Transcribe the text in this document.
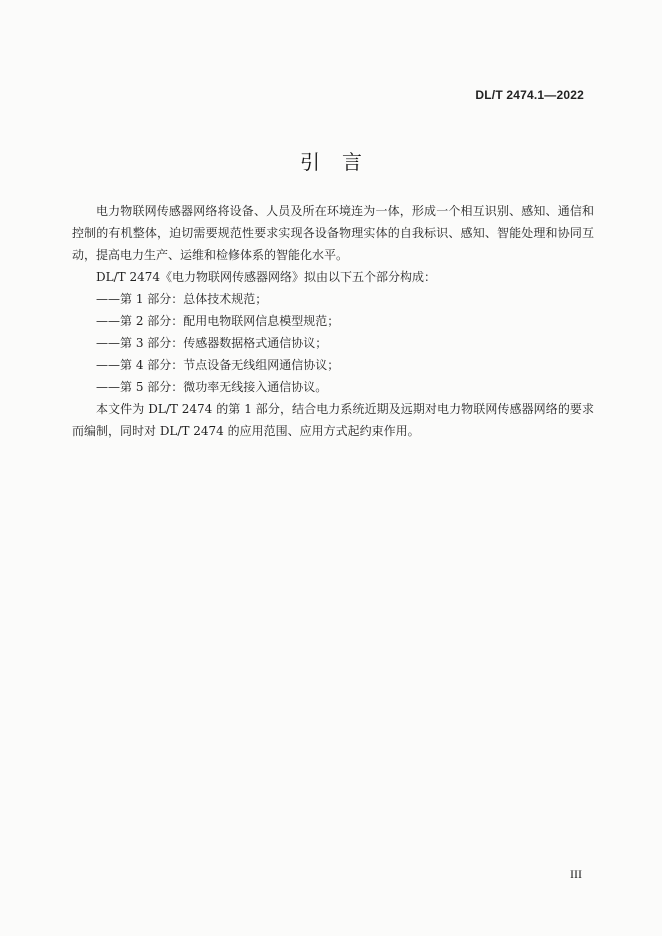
DL/T 2474.1—2022
引言

电力物联网传感器网络将设备、人员及所在环境连为一体，形成一个相互识别、感知、通信和控制的有机整体，迫切需要规范性要求实现各设备物理实体的自我标识、感知、智能处理和协同互动，提高电力生产、运维和检修体系的智能化水平。

DL/T 2474《电力物联网传感器网络》拟由以下五个部分构成：

——第 1 部分：总体技术规范；
——第 2 部分：配用电物联网信息模型规范；
——第 3 部分：传感器数据格式通信协议；
——第 4 部分：节点设备无线组网通信协议；
——第 5 部分：微功率无线接入通信协议。

本文件为 DL/T 2474 的第 1 部分，结合电力系统近期及远期对电力物联网传感器网络的要求而编制，同时对 DL/T 2474 的应用范围、应用方式起约束作用。

III
